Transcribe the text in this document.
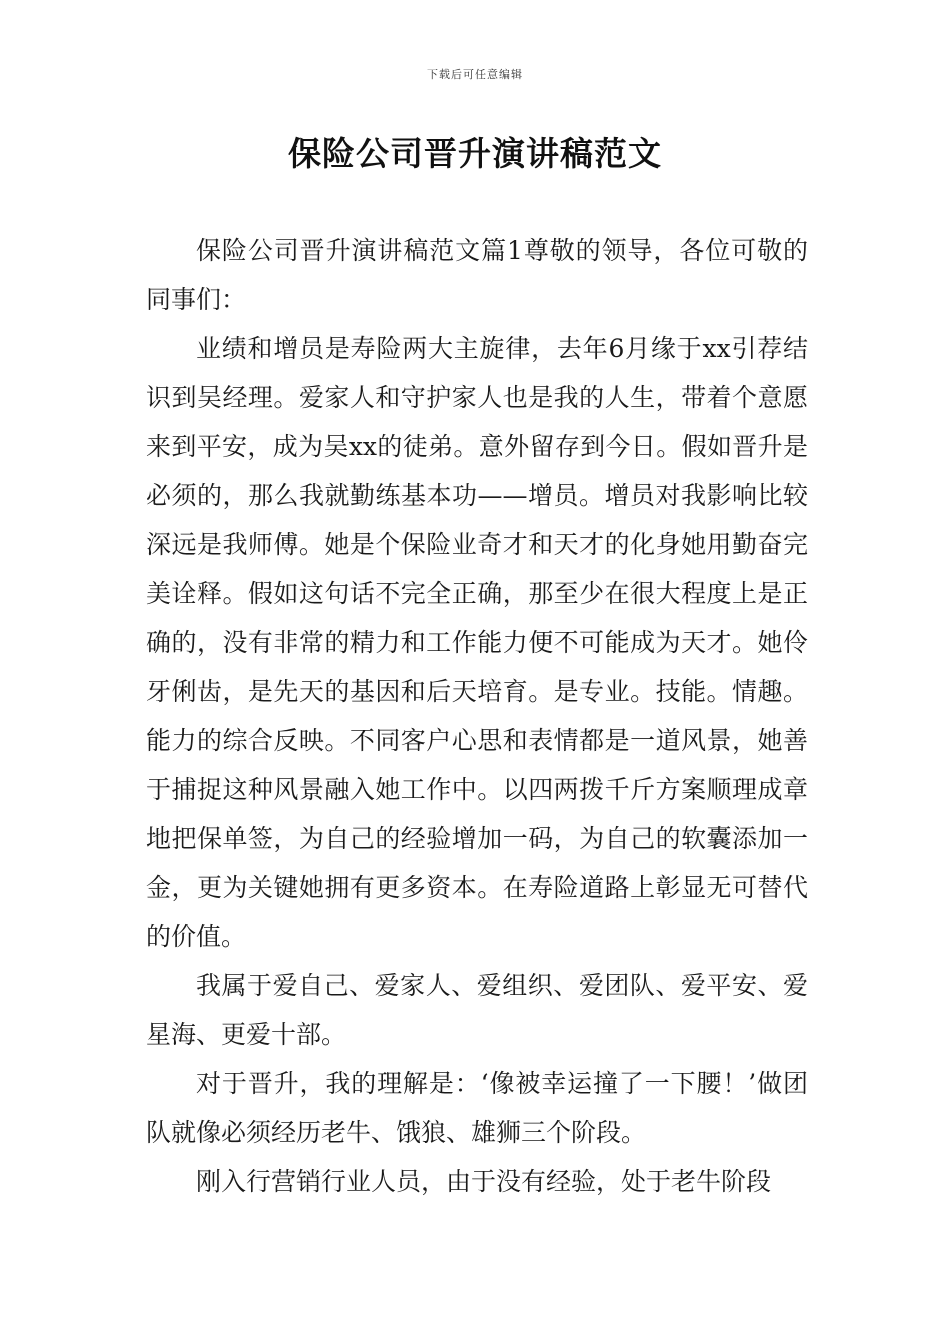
下载后可任意编辑
保险公司晋升演讲稿范文

保险公司晋升演讲稿范文篇1尊敬的领导，各位可敬的同事们：

业绩和增员是寿险两大主旋律，去年6月缘于xx引荐结识到吴经理。爱家人和守护家人也是我的人生，带着个意愿来到平安，成为吴xx的徒弟。意外留存到今日。假如晋升是必须的，那么我就勤练基本功——增员。增员对我影响比较深远是我师傅。她是个保险业奇才和天才的化身她用勤奋完美诠释。假如这句话不完全正确，那至少在很大程度上是正确的，没有非常的精力和工作能力便不可能成为天才。她伶牙俐齿，是先天的基因和后天培育。是专业。技能。情趣。能力的综合反映。不同客户心思和表情都是一道风景，她善于捕捉这种风景融入她工作中。以四两拨千斤方案顺理成章地把保单签，为自己的经验增加一码，为自己的软囊添加一金，更为关键她拥有更多资本。在寿险道路上彰显无可替代的价值。

我属于爱自己、爱家人、爱组织、爱团队、爱平安、爱星海、更爱十部。

对于晋升，我的理解是：‘像被幸运撞了一下腰！’做团队就像必须经历老牛、饿狼、雄狮三个阶段。

刚入行营销行业人员，由于没有经验，处于老牛阶段
